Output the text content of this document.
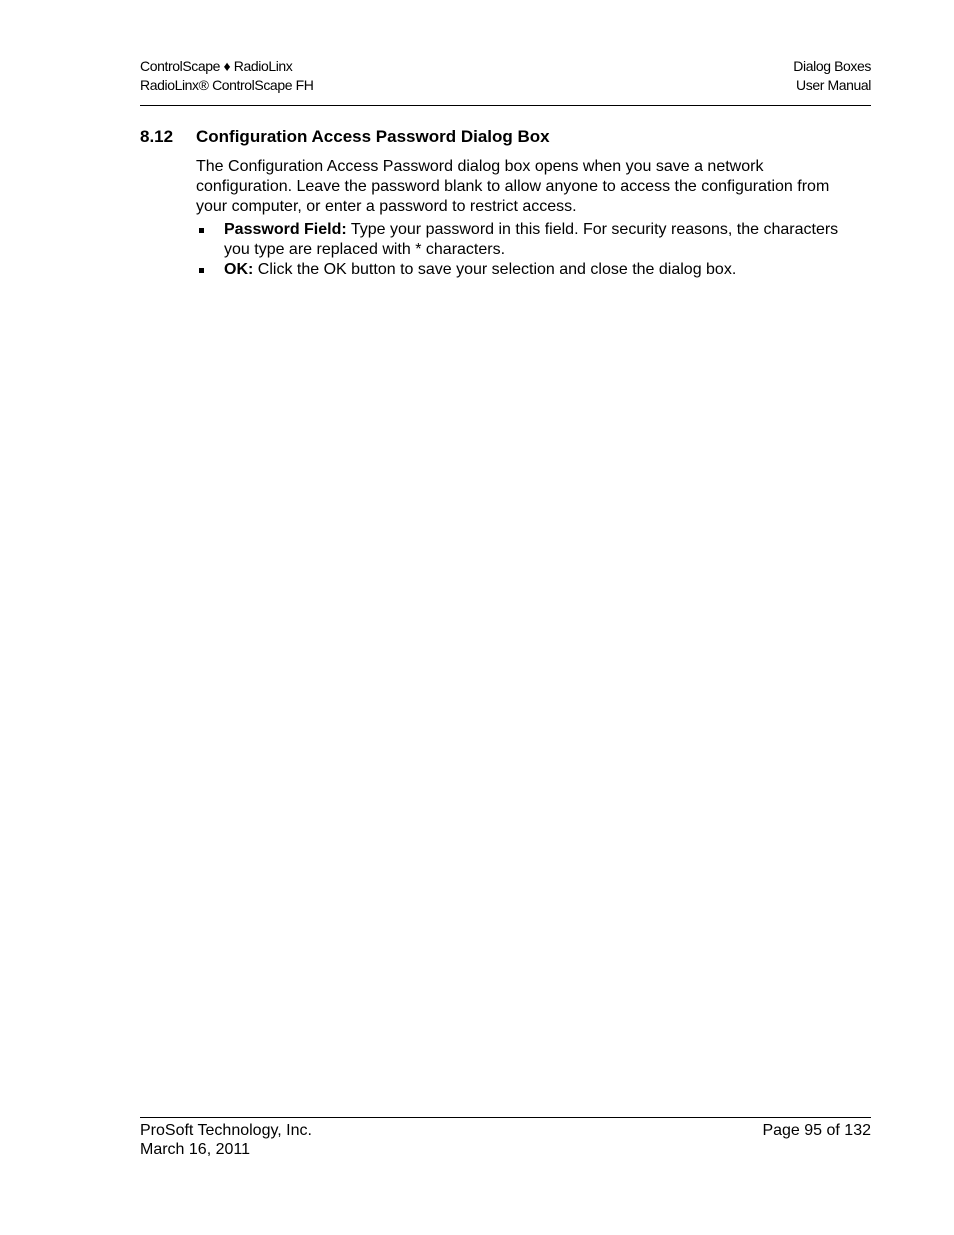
ControlScape ♦ RadioLinx
RadioLinx® ControlScape FH
Dialog Boxes
User Manual
8.12 Configuration Access Password Dialog Box

The Configuration Access Password dialog box opens when you save a network configuration. Leave the password blank to allow anyone to access the configuration from your computer, or enter a password to restrict access.

Password Field: Type your password in this field. For security reasons, the characters you type are replaced with * characters.
OK: Click the OK button to save your selection and close the dialog box.
ProSoft Technology, Inc.
March 16, 2011
Page 95 of 132
